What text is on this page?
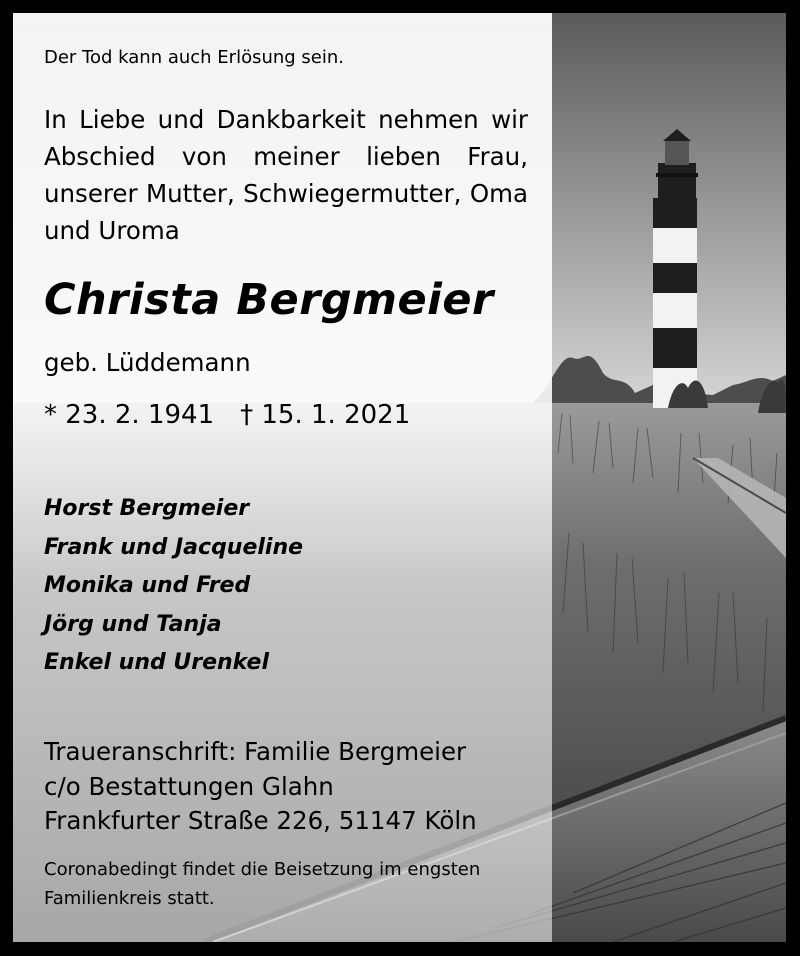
Der Tod kann auch Erlösung sein.

In Liebe und Dankbarkeit nehmen wir Abschied von meiner lieben Frau, unserer Mutter, Schwiegermutter, Oma und Uroma

Christa Bergmeier

geb. Lüddemann

* 23. 2. 1941 † 15. 1. 2021

Horst Bergmeier
Frank und Jacqueline
Monika und Fred
Jörg und Tanja
Enkel und Urenkel
Traueranschrift: Familie Bergmeier
c/o Bestattungen Glahn
Frankfurter Straße 226, 51147 Köln
Coronabedingt findet die Beisetzung im engsten
Familienkreis statt.
